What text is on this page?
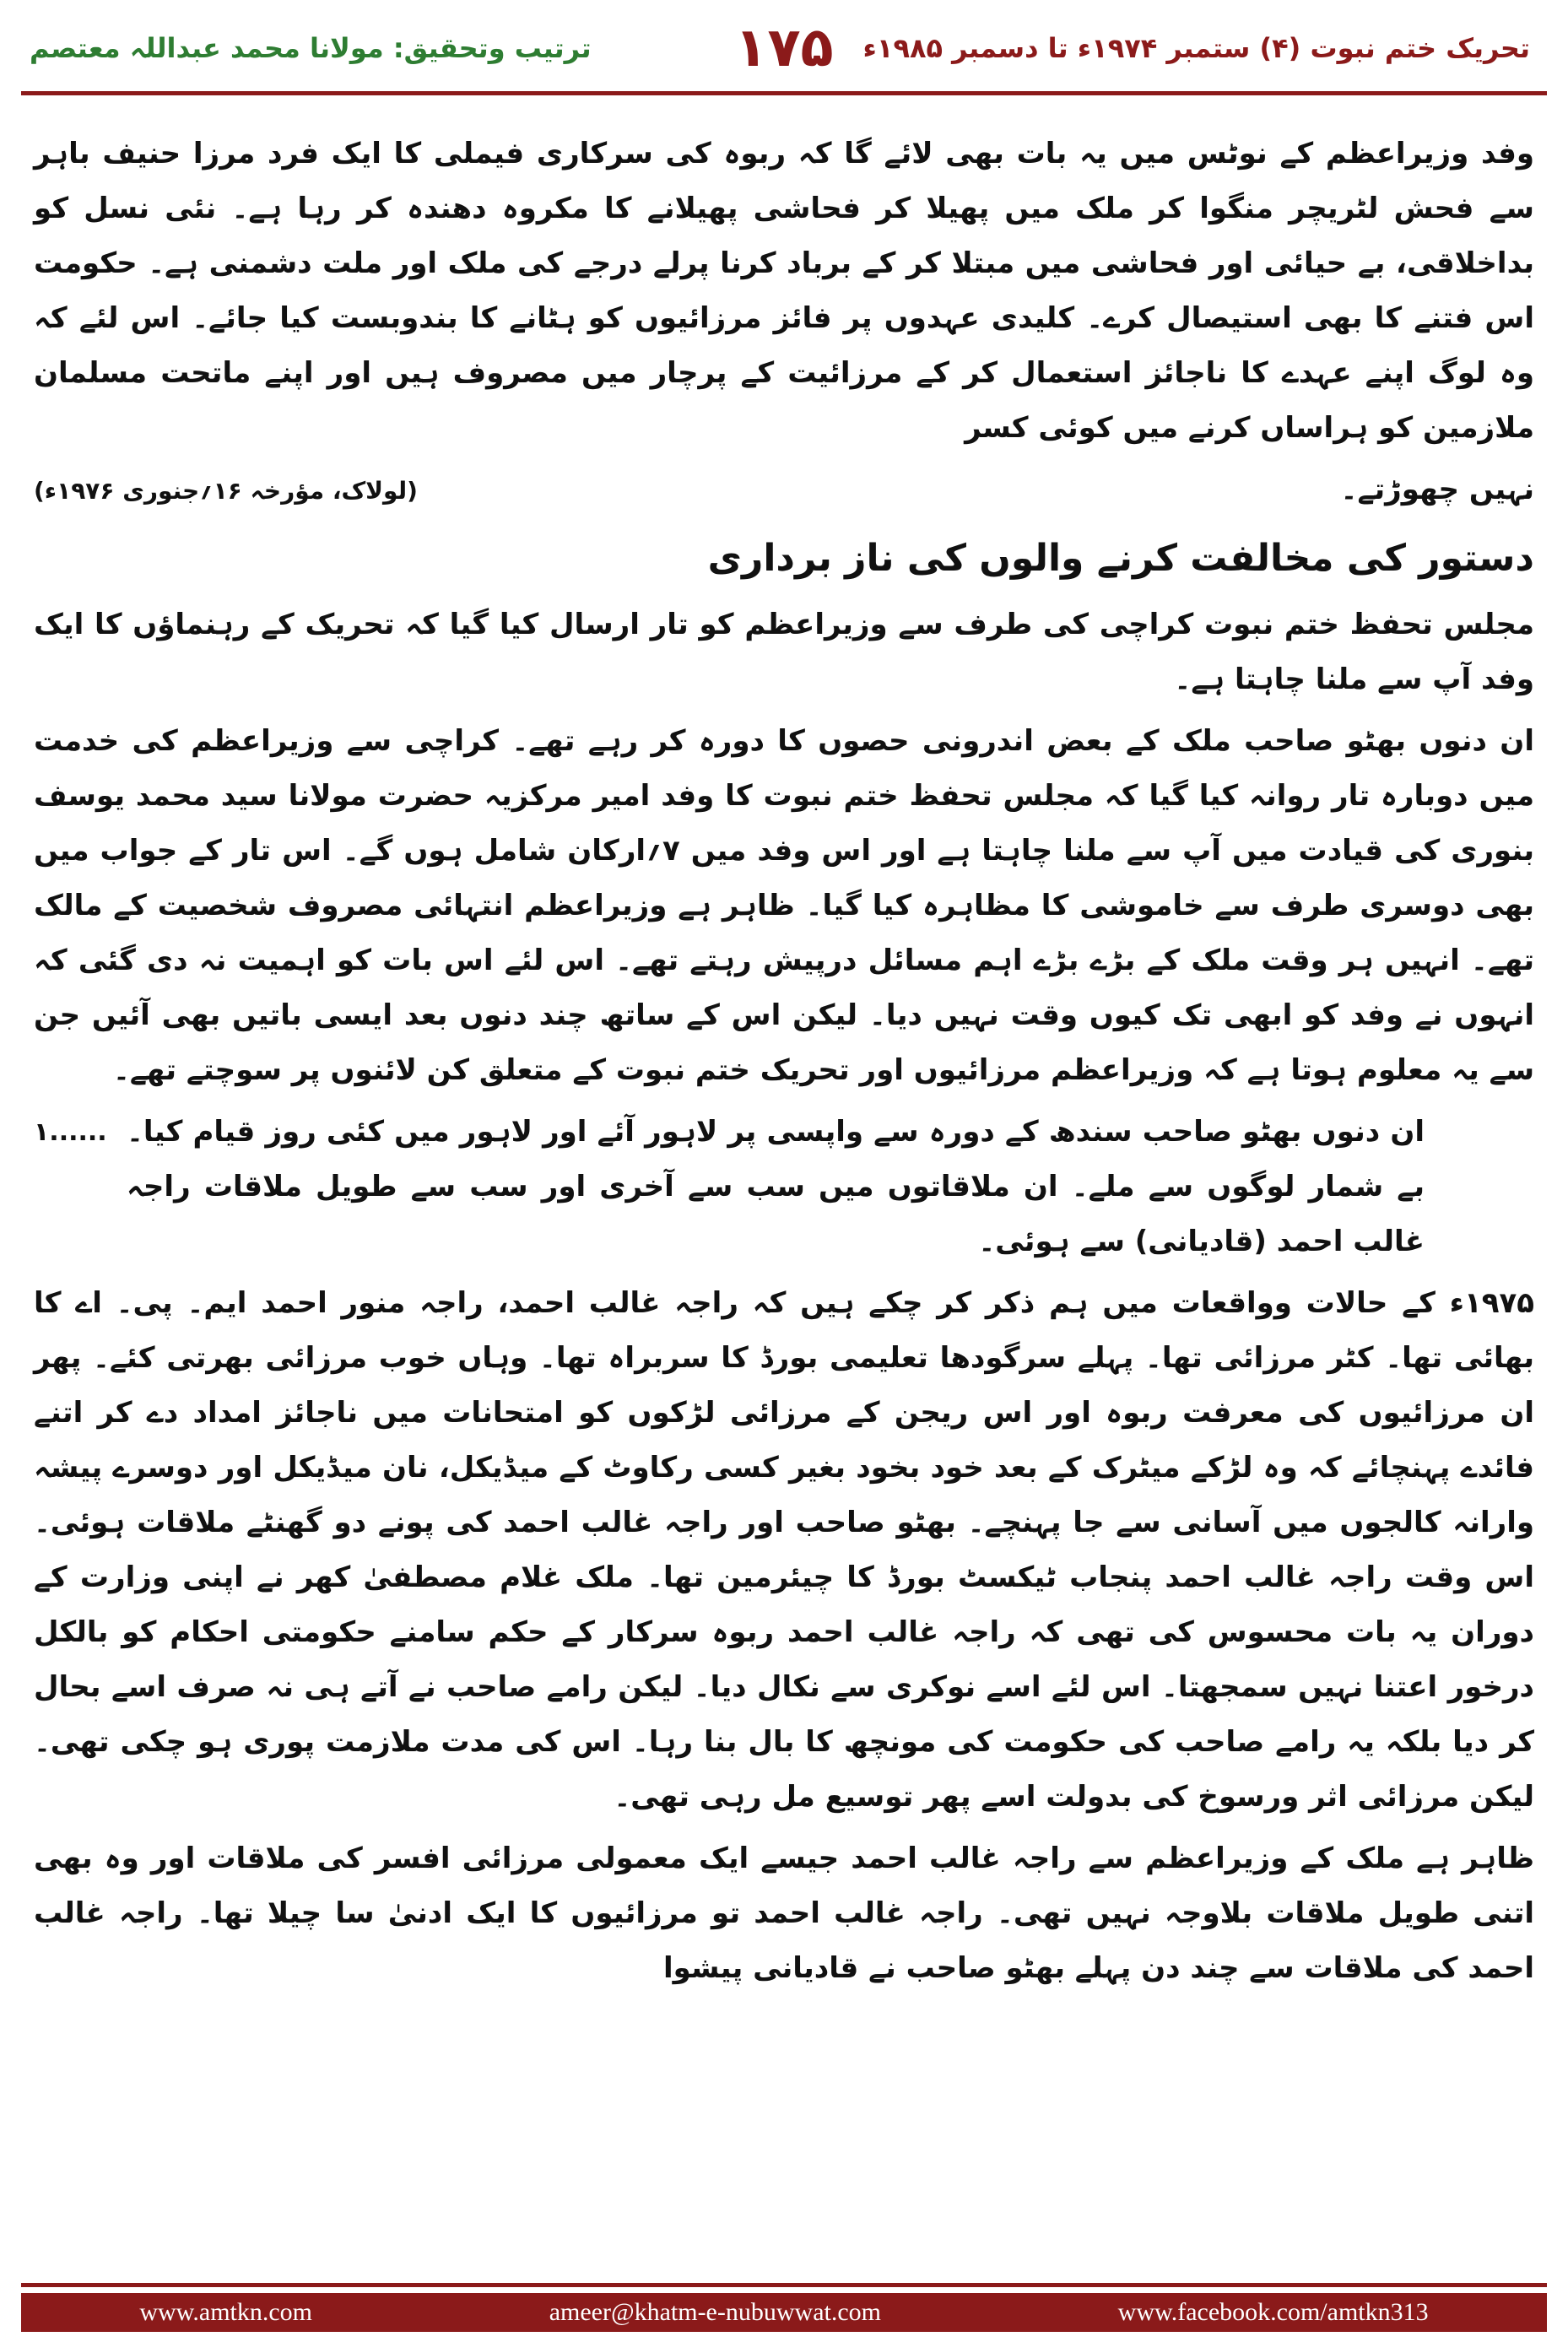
ترتیب وتحقیق: مولانا محمد عبداللہ معتصم	۱۷۵	تحریک ختم نبوت (۴) ستمبر ۱۹۷۴ء تا دسمبر ۱۹۸۵ء

وفد وزیراعظم کے نوٹس میں یہ بات بھی لائے گا کہ ربوہ کی سرکاری فیملی کا ایک فرد مرزا حنیف باہر سے فحش لٹریچر منگوا کر ملک میں پھیلا کر فحاشی پھیلانے کا مکروہ دھندہ کر رہا ہے۔ نئی نسل کو بداخلاقی، بے حیائی اور فحاشی میں مبتلا کر کے برباد کرنا پرلے درجے کی ملک اور ملت دشمنی ہے۔ حکومت اس فتنے کا بھی استیصال کرے۔ کلیدی عہدوں پر فائز مرزائیوں کو ہٹانے کا بندوبست کیا جائے۔ اس لئے کہ وہ لوگ اپنے عہدے کا ناجائز استعمال کر کے مرزائیت کے پرچار میں مصروف ہیں اور اپنے ماتحت مسلمان ملازمین کو ہراساں کرنے میں کوئی کسر

نہیں چھوڑتے۔
(لولاک، مؤرخہ ۱۶؍جنوری ۱۹۷۶ء)
دستور کی مخالفت کرنے والوں کی ناز برداری

مجلس تحفظ ختم نبوت کراچی کی طرف سے وزیراعظم کو تار ارسال کیا گیا کہ تحریک کے رہنماؤں کا ایک وفد آپ سے ملنا چاہتا ہے۔

ان دنوں بھٹو صاحب ملک کے بعض اندرونی حصوں کا دورہ کر رہے تھے۔ کراچی سے وزیراعظم کی خدمت میں دوبارہ تار روانہ کیا گیا کہ مجلس تحفظ ختم نبوت کا وفد امیر مرکزیہ حضرت مولانا سید محمد یوسف بنوری کی قیادت میں آپ سے ملنا چاہتا ہے اور اس وفد میں ۷؍ارکان شامل ہوں گے۔ اس تار کے جواب میں بھی دوسری طرف سے خاموشی کا مظاہرہ کیا گیا۔ ظاہر ہے وزیراعظم انتہائی مصروف شخصیت کے مالک تھے۔ انہیں ہر وقت ملک کے بڑے بڑے اہم مسائل درپیش رہتے تھے۔ اس لئے اس بات کو اہمیت نہ دی گئی کہ انہوں نے وفد کو ابھی تک کیوں وقت نہیں دیا۔ لیکن اس کے ساتھ چند دنوں بعد ایسی باتیں بھی آئیں جن سے یہ معلوم ہوتا ہے کہ وزیراعظم مرزائیوں اور تحریک ختم نبوت کے متعلق کن لائنوں پر سوچتے تھے۔

ان دنوں بھٹو صاحب سندھ کے دورہ سے واپسی پر لاہور آئے اور لاہور میں کئی روز قیام کیا۔ بے شمار لوگوں سے ملے۔ ان ملاقاتوں میں سب سے آخری اور سب سے طویل ملاقات راجہ غالب احمد (قادیانی) سے ہوئی۔
۱......

۱۹۷۵ء کے حالات وواقعات میں ہم ذکر کر چکے ہیں کہ راجہ غالب احمد، راجہ منور احمد ایم۔ پی۔ اے کا بھائی تھا۔ کٹر مرزائی تھا۔ پہلے سرگودھا تعلیمی بورڈ کا سربراہ تھا۔ وہاں خوب مرزائی بھرتی کئے۔ پھر ان مرزائیوں کی معرفت ربوہ اور اس ریجن کے مرزائی لڑکوں کو امتحانات میں ناجائز امداد دے کر اتنے فائدے پہنچائے کہ وہ لڑکے میٹرک کے بعد خود بخود بغیر کسی رکاوٹ کے میڈیکل، نان میڈیکل اور دوسرے پیشہ وارانہ کالجوں میں آسانی سے جا پہنچے۔ بھٹو صاحب اور راجہ غالب احمد کی پونے دو گھنٹے ملاقات ہوئی۔ اس وقت راجہ غالب احمد پنجاب ٹیکسٹ بورڈ کا چیئرمین تھا۔ ملک غلام مصطفیٰ کھر نے اپنی وزارت کے دوران یہ بات محسوس کی تھی کہ راجہ غالب احمد ربوہ سرکار کے حکم سامنے حکومتی احکام کو بالکل درخور اعتنا نہیں سمجھتا۔ اس لئے اسے نوکری سے نکال دیا۔ لیکن رامے صاحب نے آتے ہی نہ صرف اسے بحال کر دیا بلکہ یہ رامے صاحب کی حکومت کی مونچھ کا بال بنا رہا۔ اس کی مدت ملازمت پوری ہو چکی تھی۔ لیکن مرزائی اثر ورسوخ کی بدولت اسے پھر توسیع مل رہی تھی۔

ظاہر ہے ملک کے وزیراعظم سے راجہ غالب احمد جیسے ایک معمولی مرزائی افسر کی ملاقات اور وہ بھی اتنی طویل ملاقات بلاوجہ نہیں تھی۔ راجہ غالب احمد تو مرزائیوں کا ایک ادنیٰ سا چیلا تھا۔ راجہ غالب احمد کی ملاقات سے چند دن پہلے بھٹو صاحب نے قادیانی پیشوا

www.amtkn.com	ameer@khatm-e-nubuwwat.com	www.facebook.com/amtkn313
